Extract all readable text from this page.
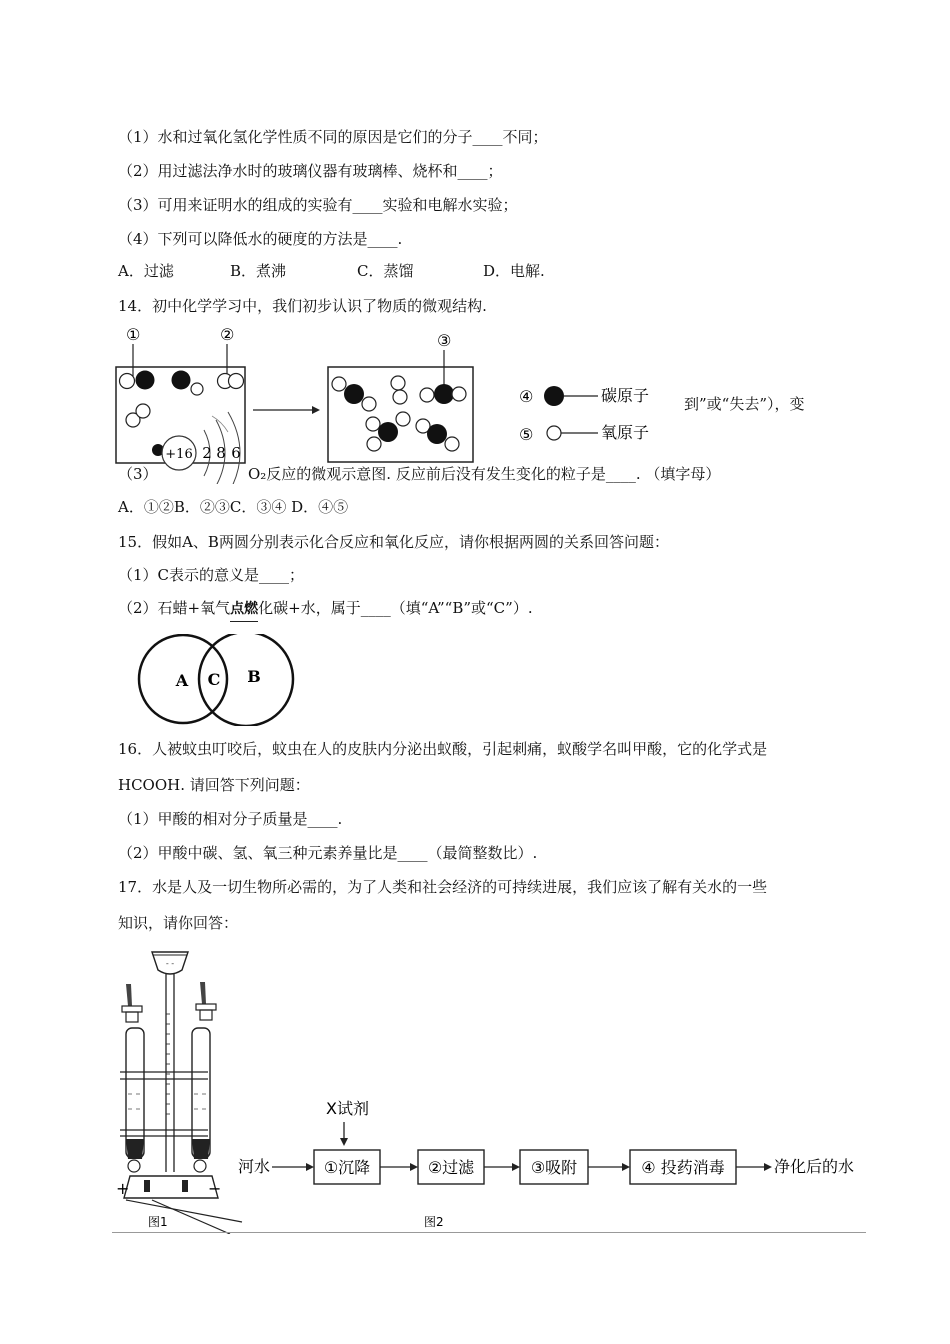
（1）水和过氧化氢化学性质不同的原因是它们的分子____不同；
（2）用过滤法净水时的玻璃仪器有玻璃棒、烧杯和____；
（3）可用来证明水的组成的实验有____实验和电解水实验；
（4）下列可以降低水的硬度的方法是____.
A．过滤	B．煮沸	C．蒸馏	D．电解.
14．初中化学学习中，我们初步认识了物质的微观结构.
①	②
+16 2 8 6
③
④	碳原子
⑤	氧原子
到”或“失去”），变
（3）	O₂反应的微观示意图. 反应前后没有发生变化的粒子是____. （填字母）
A．①②B．②③C．③④ D．④⑤
15．假如A、B两圆分别表示化合反应和氧化反应，请你根据两圆的关系回答问题：
（1）C表示的意义是____；
（2）石蜡+氧气点燃
化碳+水，属于____（填“A”“B”或“C”）.
A C B
16．人被蚊虫叮咬后，蚊虫在人的皮肤内分泌出蚁酸，引起刺痛，蚁酸学名叫甲酸，它的化学式是
HCOOH. 请回答下列问题：
（1）甲酸的相对分子质量是____.
（2）甲酸中碳、氢、氧三种元素养量比是____（最简整数比）.
17．水是人及一切生物所必需的，为了人类和社会经济的可持续进展，我们应该了解有关水的一些
知识，请你回答：
- -
+	−
图1
X试剂
河水	①沉降	②过滤	③吸附	④ 投药消毒	净化后的水
图2
